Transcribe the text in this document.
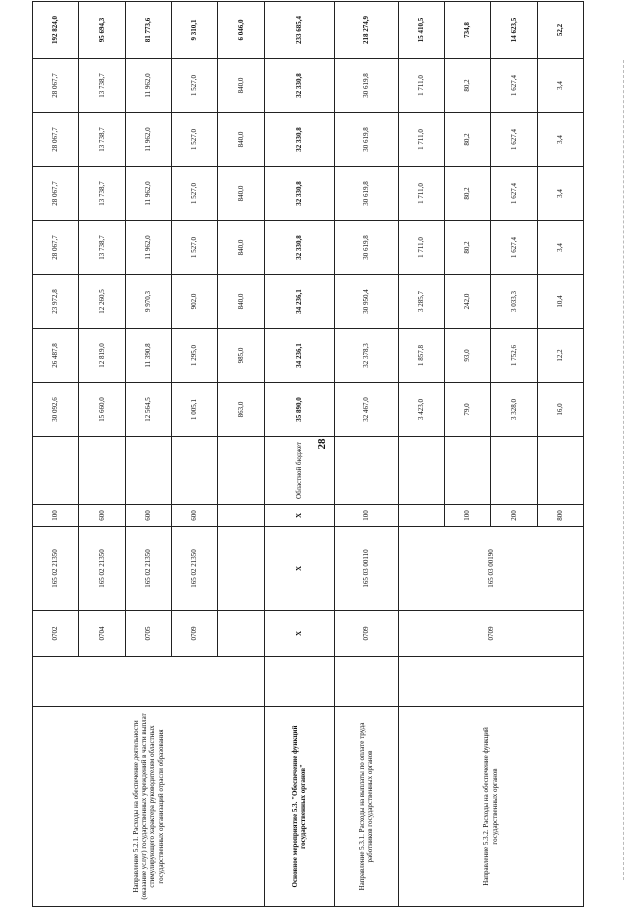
28
Направление 5.2.1. Расходы на обеспечение деятельности (оказание услуг) государственных учреждений в части выплат стимулирующего характера руководителям областных государственных организаций отрасли образования		0702	165 02 21350	100		30 092,6	26 487,8	23 972,8	28 067,7	28 067,7	28 067,7	28 067,7	192 824,0
		0704	165 02 21350	600		15 660,0	12 819,0	12 260,5	13 738,7	13 738,7	13 738,7	13 738,7	95 694,3
		0705	165 02 21350	600		12 564,5	11 390,8	9 970,3	11 962,0	11 962,0	11 962,0	11 962,0	81 773,6
		0709	165 02 21350	600		1 005,1	1 295,0	902,0	1 527,0	1 527,0	1 527,0	1 527,0	9 310,1
						863,0	985,0	840,0	840,0	840,0	840,0	840,0	6 046,0
Основное мероприятие 5.3. "Обеспечение функций государственных органов"		Х	Х	Х	Областной бюджет	35 890,0	34 236,1	34 236,1	32 330,8	32 330,8	32 330,8	32 330,8	233 685,4
Направление 5.3.1. Расходы на выплаты по оплате труда работников государственных органов		0709	165 03 00110	100		32 467,0	32 378,3	30 950,4	30 619,8	30 619,8	30 619,8	30 619,8	218 274,9
Направление 5.3.2. Расходы на обеспечение функций государственных органов		0709	165 03 00190			3 423,0	1 857,8	3 285,7	1 711,0	1 711,0	1 711,0	1 711,0	15 410,5
				100		79,0	93,0	242,0	80,2	80,2	80,2	80,2	734,8
				200		3 328,0	1 752,6	3 033,3	1 627,4	1 627,4	1 627,4	1 627,4	14 623,5
				800		16,0	12,2	10,4	3,4	3,4	3,4	3,4	52,2
